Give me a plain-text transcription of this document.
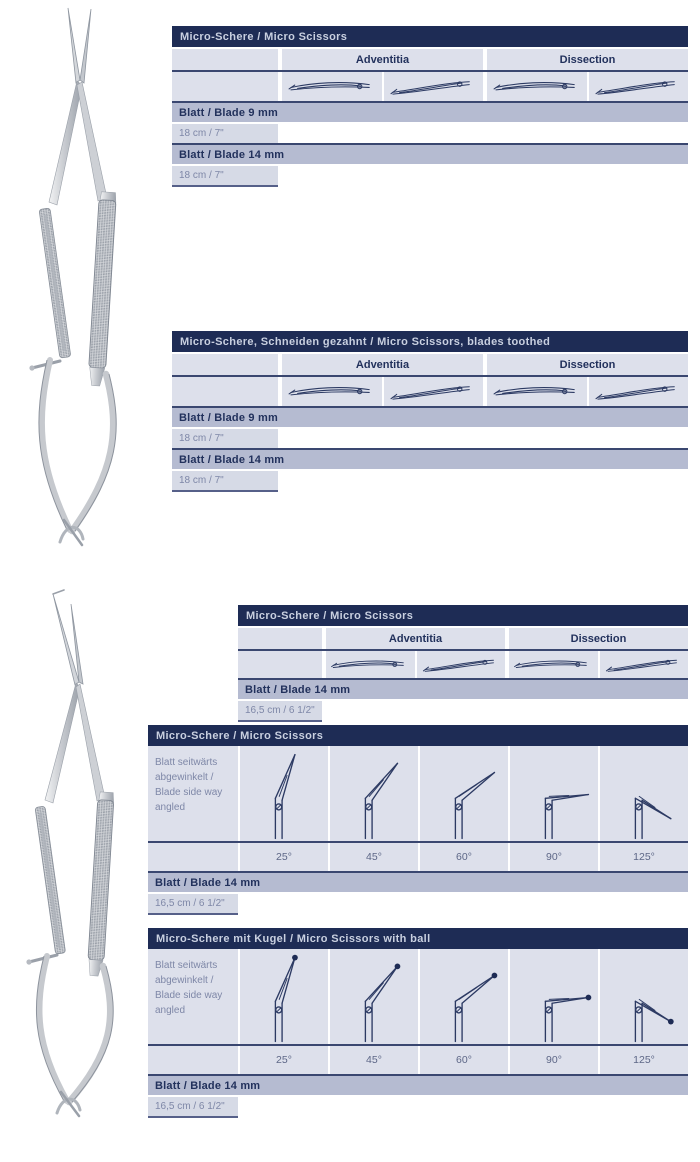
Micro-Schere / Micro Scissors
Adventitia	Dissection
Blatt / Blade 9 mm
18 cm / 7"
Blatt / Blade 14 mm
18 cm / 7"
Micro-Schere, Schneiden gezahnt / Micro Scissors, blades toothed
Adventitia	Dissection
Blatt / Blade 9 mm
18 cm / 7"
Blatt / Blade 14 mm
18 cm / 7"
Micro-Schere / Micro Scissors
Adventitia	Dissection
Blatt / Blade 14 mm
16,5 cm / 6 1/2"
Micro-Schere / Micro Scissors
Blatt seitwärts abgewinkelt / Blade side way angled
25°	45°	60°	90°	125°
Blatt / Blade 14 mm
16,5 cm / 6 1/2"
Micro-Schere mit Kugel / Micro Scissors with ball
Blatt seitwärts abgewinkelt / Blade side way angled
25°	45°	60°	90°	125°
Blatt / Blade 14 mm
16,5 cm / 6 1/2"
